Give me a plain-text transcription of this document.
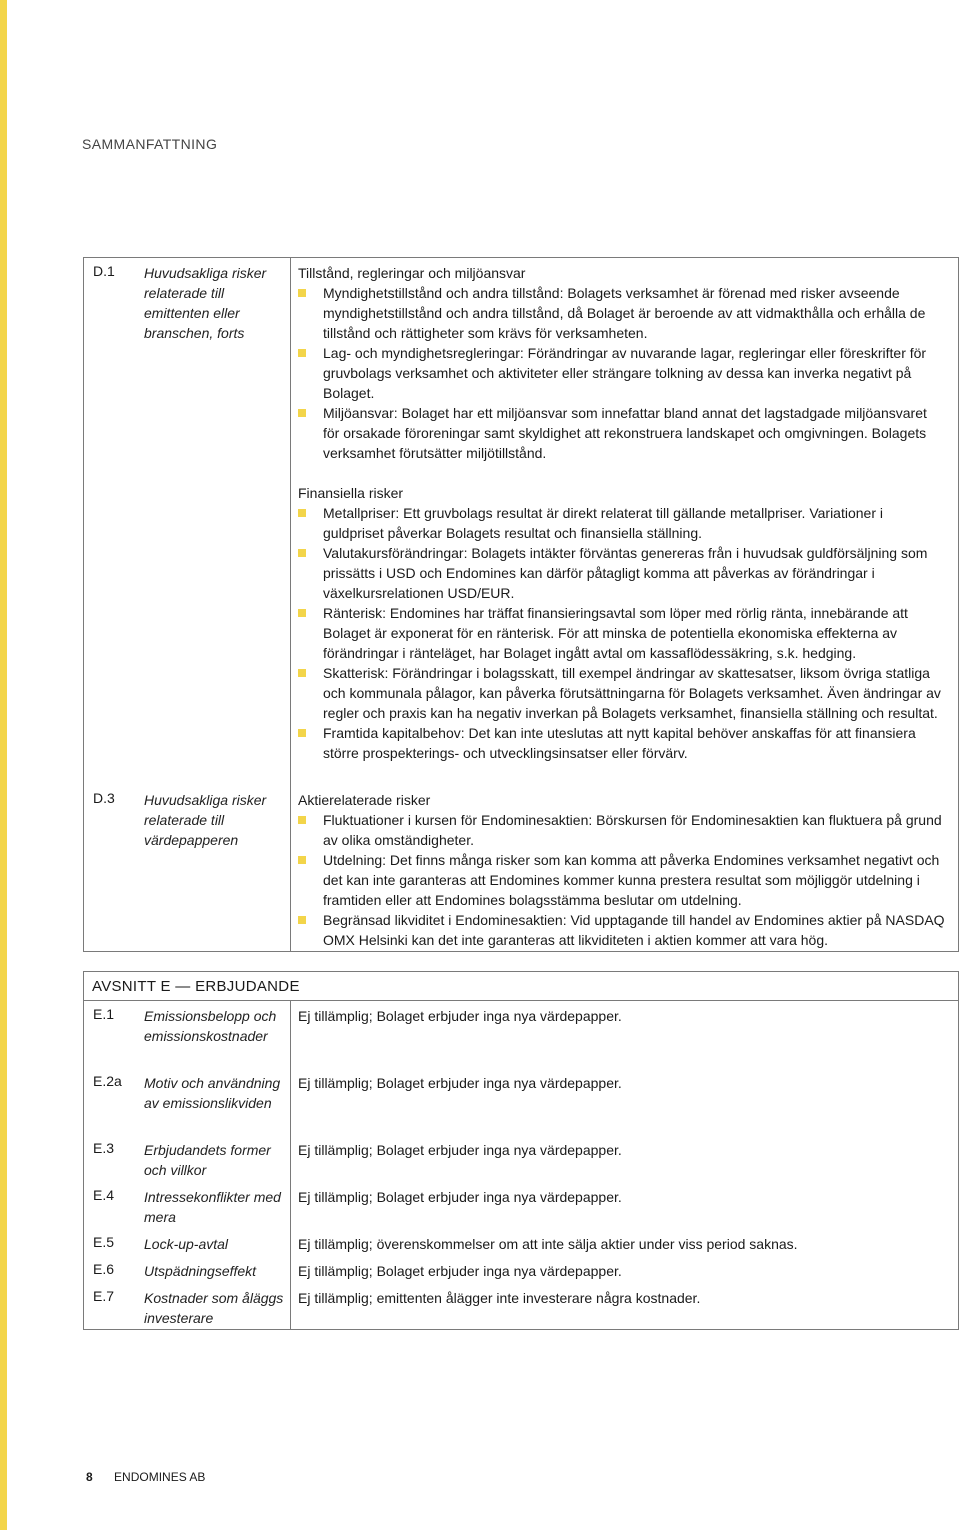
SAMMANFATTNING
D.1 Huvudsakliga risker relaterade till emittenten eller branschen, forts
Tillstånd, regleringar och miljöansvar
Myndighetstillstånd och andra tillstånd: Bolagets verksamhet är förenad med risker avseende myndighetstillstånd och andra tillstånd, då Bolaget är beroende av att vidmakthålla och erhålla de tillstånd och rättigheter som krävs för verksamheten.
Lag- och myndighetsregleringar: Förändringar av nuvarande lagar, regleringar eller föreskrifter för gruvbolags verksamhet och aktiviteter eller strängare tolkning av dessa kan inverka negativt på Bolaget.
Miljöansvar: Bolaget har ett miljöansvar som innefattar bland annat det lagstadgade miljöansvaret för orsakade föroreningar samt skyldighet att rekonstruera landskapet och omgivningen. Bolagets verksamhet förutsätter miljötillstånd.
Finansiella risker
Metallpriser: Ett gruvbolags resultat är direkt relaterat till gällande metallpriser. Variationer i guldpriset påverkar Bolagets resultat och finansiella ställning.
Valutakursförändringar: Bolagets intäkter förväntas genereras från i huvudsak guldförsäljning som prissätts i USD och Endomines kan därför påtagligt komma att påverkas av förändringar i växelkursrelationen USD/EUR.
Ränterisk: Endomines har träffat finansieringsavtal som löper med rörlig ränta, innebärande att Bolaget är exponerat för en ränterisk. För att minska de potentiella ekonomiska effekterna av förändringar i ränteläget, har Bolaget ingått avtal om kassaflödessäkring, s.k. hedging.
Skatterisk: Förändringar i bolagsskatt, till exempel ändringar av skattesatser, liksom övriga statliga och kommunala pålagor, kan påverka förutsättningarna för Bolagets verksamhet. Även ändringar av regler och praxis kan ha negativ inverkan på Bolagets verksamhet, finansiella ställning och resultat.
Framtida kapitalbehov: Det kan inte uteslutas att nytt kapital behöver anskaffas för att finansiera större prospekterings- och utvecklingsinsatser eller förvärv.
D.3 Huvudsakliga risker relaterade till värdepapperen
Aktierelaterade risker
Fluktuationer i kursen för Endominesaktien: Börskursen för Endominesaktien kan fluktuera på grund av olika omständigheter.
Utdelning: Det finns många risker som kan komma att påverka Endomines verksamhet negativt och det kan inte garanteras att Endomines kommer kunna prestera resultat som möjliggör utdelning i framtiden eller att Endomines bolagsstämma beslutar om utdelning.
Begränsad likviditet i Endominesaktien: Vid upptagande till handel av Endomines aktier på NASDAQ OMX Helsinki kan det inte garanteras att likviditeten i aktien kommer att vara hög.
AVSNITT E — ERBJUDANDE
E.1 Emissionsbelopp och emissionskostnader
Ej tillämplig; Bolaget erbjuder inga nya värdepapper.
E.2a Motiv och användning av emissionslikviden
Ej tillämplig; Bolaget erbjuder inga nya värdepapper.
E.3 Erbjudandets former och villkor
Ej tillämplig; Bolaget erbjuder inga nya värdepapper.
E.4 Intressekonflikter med mera
Ej tillämplig; Bolaget erbjuder inga nya värdepapper.
E.5 Lock-up-avtal	Ej tillämplig; överenskommelser om att inte sälja aktier under viss period saknas.
E.6 Utspädningseffekt	Ej tillämplig; Bolaget erbjuder inga nya värdepapper.
E.7 Kostnader som åläggs investerare
Ej tillämplig; emittenten ålägger inte investerare några kostnader.
8 ENDOMINES AB
